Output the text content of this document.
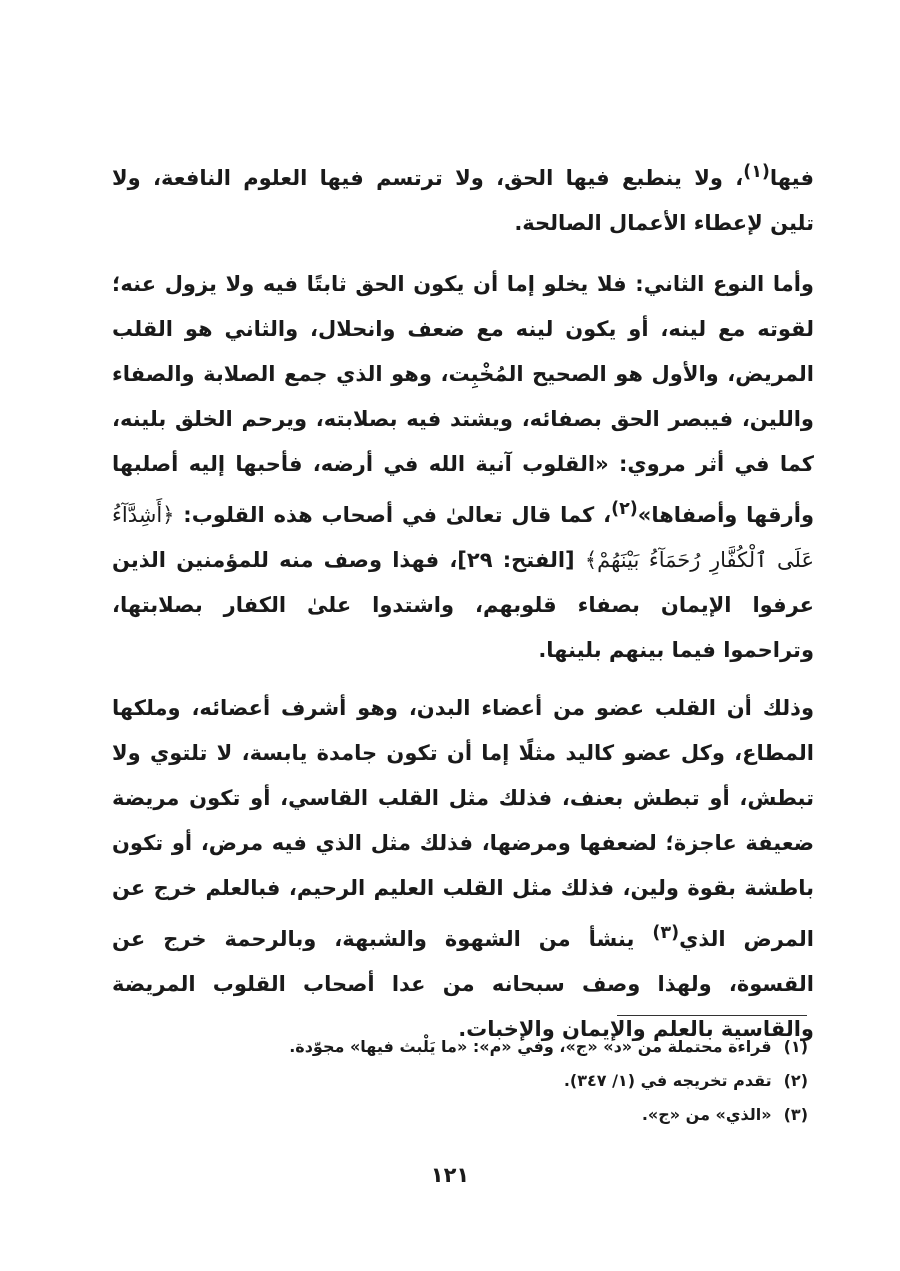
فيها$^{(١)}$، ولا ينطبع فيها الحق، ولا ترتسم فيها العلوم النافعة، ولا تلين لإعطاء الأعمال الصالحة.

وأما النوع الثاني: فلا يخلو إما أن يكون الحق ثابتًا فيه ولا يزول عنه؛ لقوته مع لينه، أو يكون لينه مع ضعف وانحلال، والثاني هو القلب المريض، والأول هو الصحيح المُخْبِت، وهو الذي جمع الصلابة والصفاء واللين، فيبصر الحق بصفائه، ويشتد فيه بصلابته، ويرحم الخلق بلينه، كما في أثر مروي: «القلوب آنية الله في أرضه، فأحبها إليه أصلبها وأرقها وأصفاها»$^{(٢)}$، كما قال تعالىٰ في أصحاب هذه القلوب: ﴿أَشِدَّآءُ عَلَى ٱلْكُفَّارِ رُحَمَآءُ بَيْنَهُمْ﴾ [الفتح: ٢٩]، فهذا وصف منه للمؤمنين الذين عرفوا الإيمان بصفاء قلوبهم، واشتدوا علىٰ الكفار بصلابتها، وتراحموا فيما بينهم بلينها.

وذلك أن القلب عضو من أعضاء البدن، وهو أشرف أعضائه، وملكها المطاع، وكل عضو كاليد مثلًا إما أن تكون جامدة يابسة، لا تلتوي ولا تبطش، أو تبطش بعنف، فذلك مثل القلب القاسي، أو تكون مريضة ضعيفة عاجزة؛ لضعفها ومرضها، فذلك مثل الذي فيه مرض، أو تكون باطشة بقوة ولين، فذلك مثل القلب العليم الرحيم، فبالعلم خرج عن المرض الذي$^{(٣)}$ ينشأ من الشهوة والشبهة، وبالرحمة خرج عن القسوة، ولهذا وصف سبحانه من عدا أصحاب القلوب المريضة والقاسية بالعلم والإيمان والإخبات.

(١)قراءة محتملة من «د» «ج»، وفي «م»: «ما يَلْبث فيها» مجوّدة.

(٢)تقدم تخريجه في (١/ ٣٤٧).

(٣)«الذي» من «ج».

١٢١
